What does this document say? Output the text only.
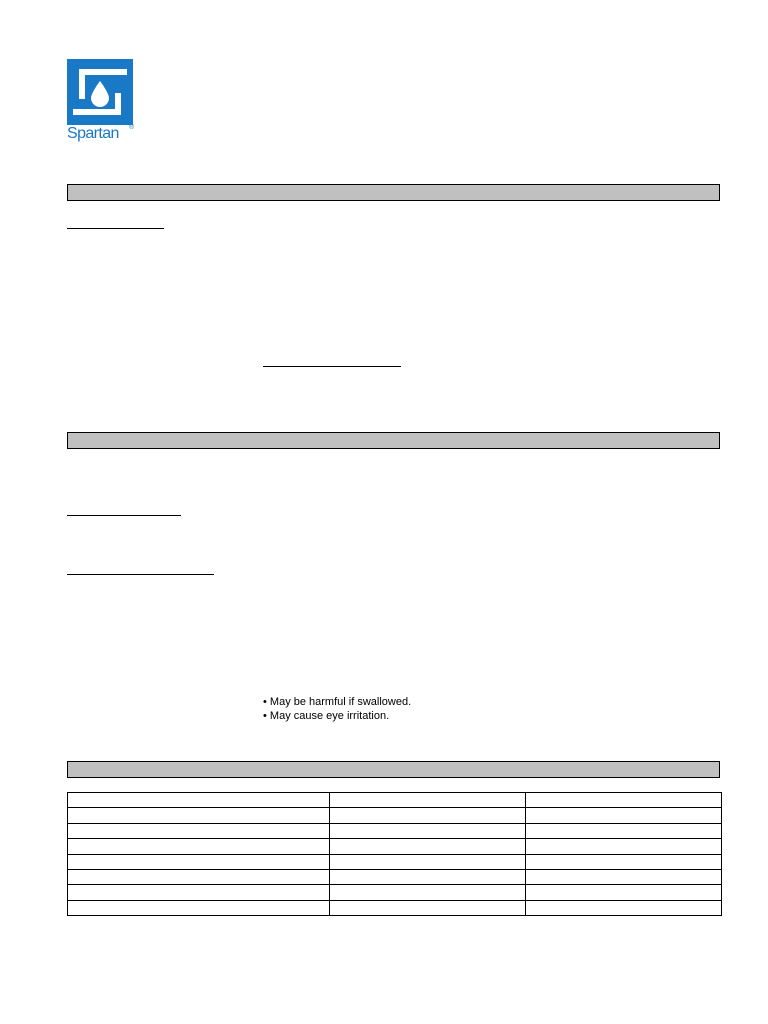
Spartan ®
• May be harmful if swallowed.
• May cause eye irritation.
